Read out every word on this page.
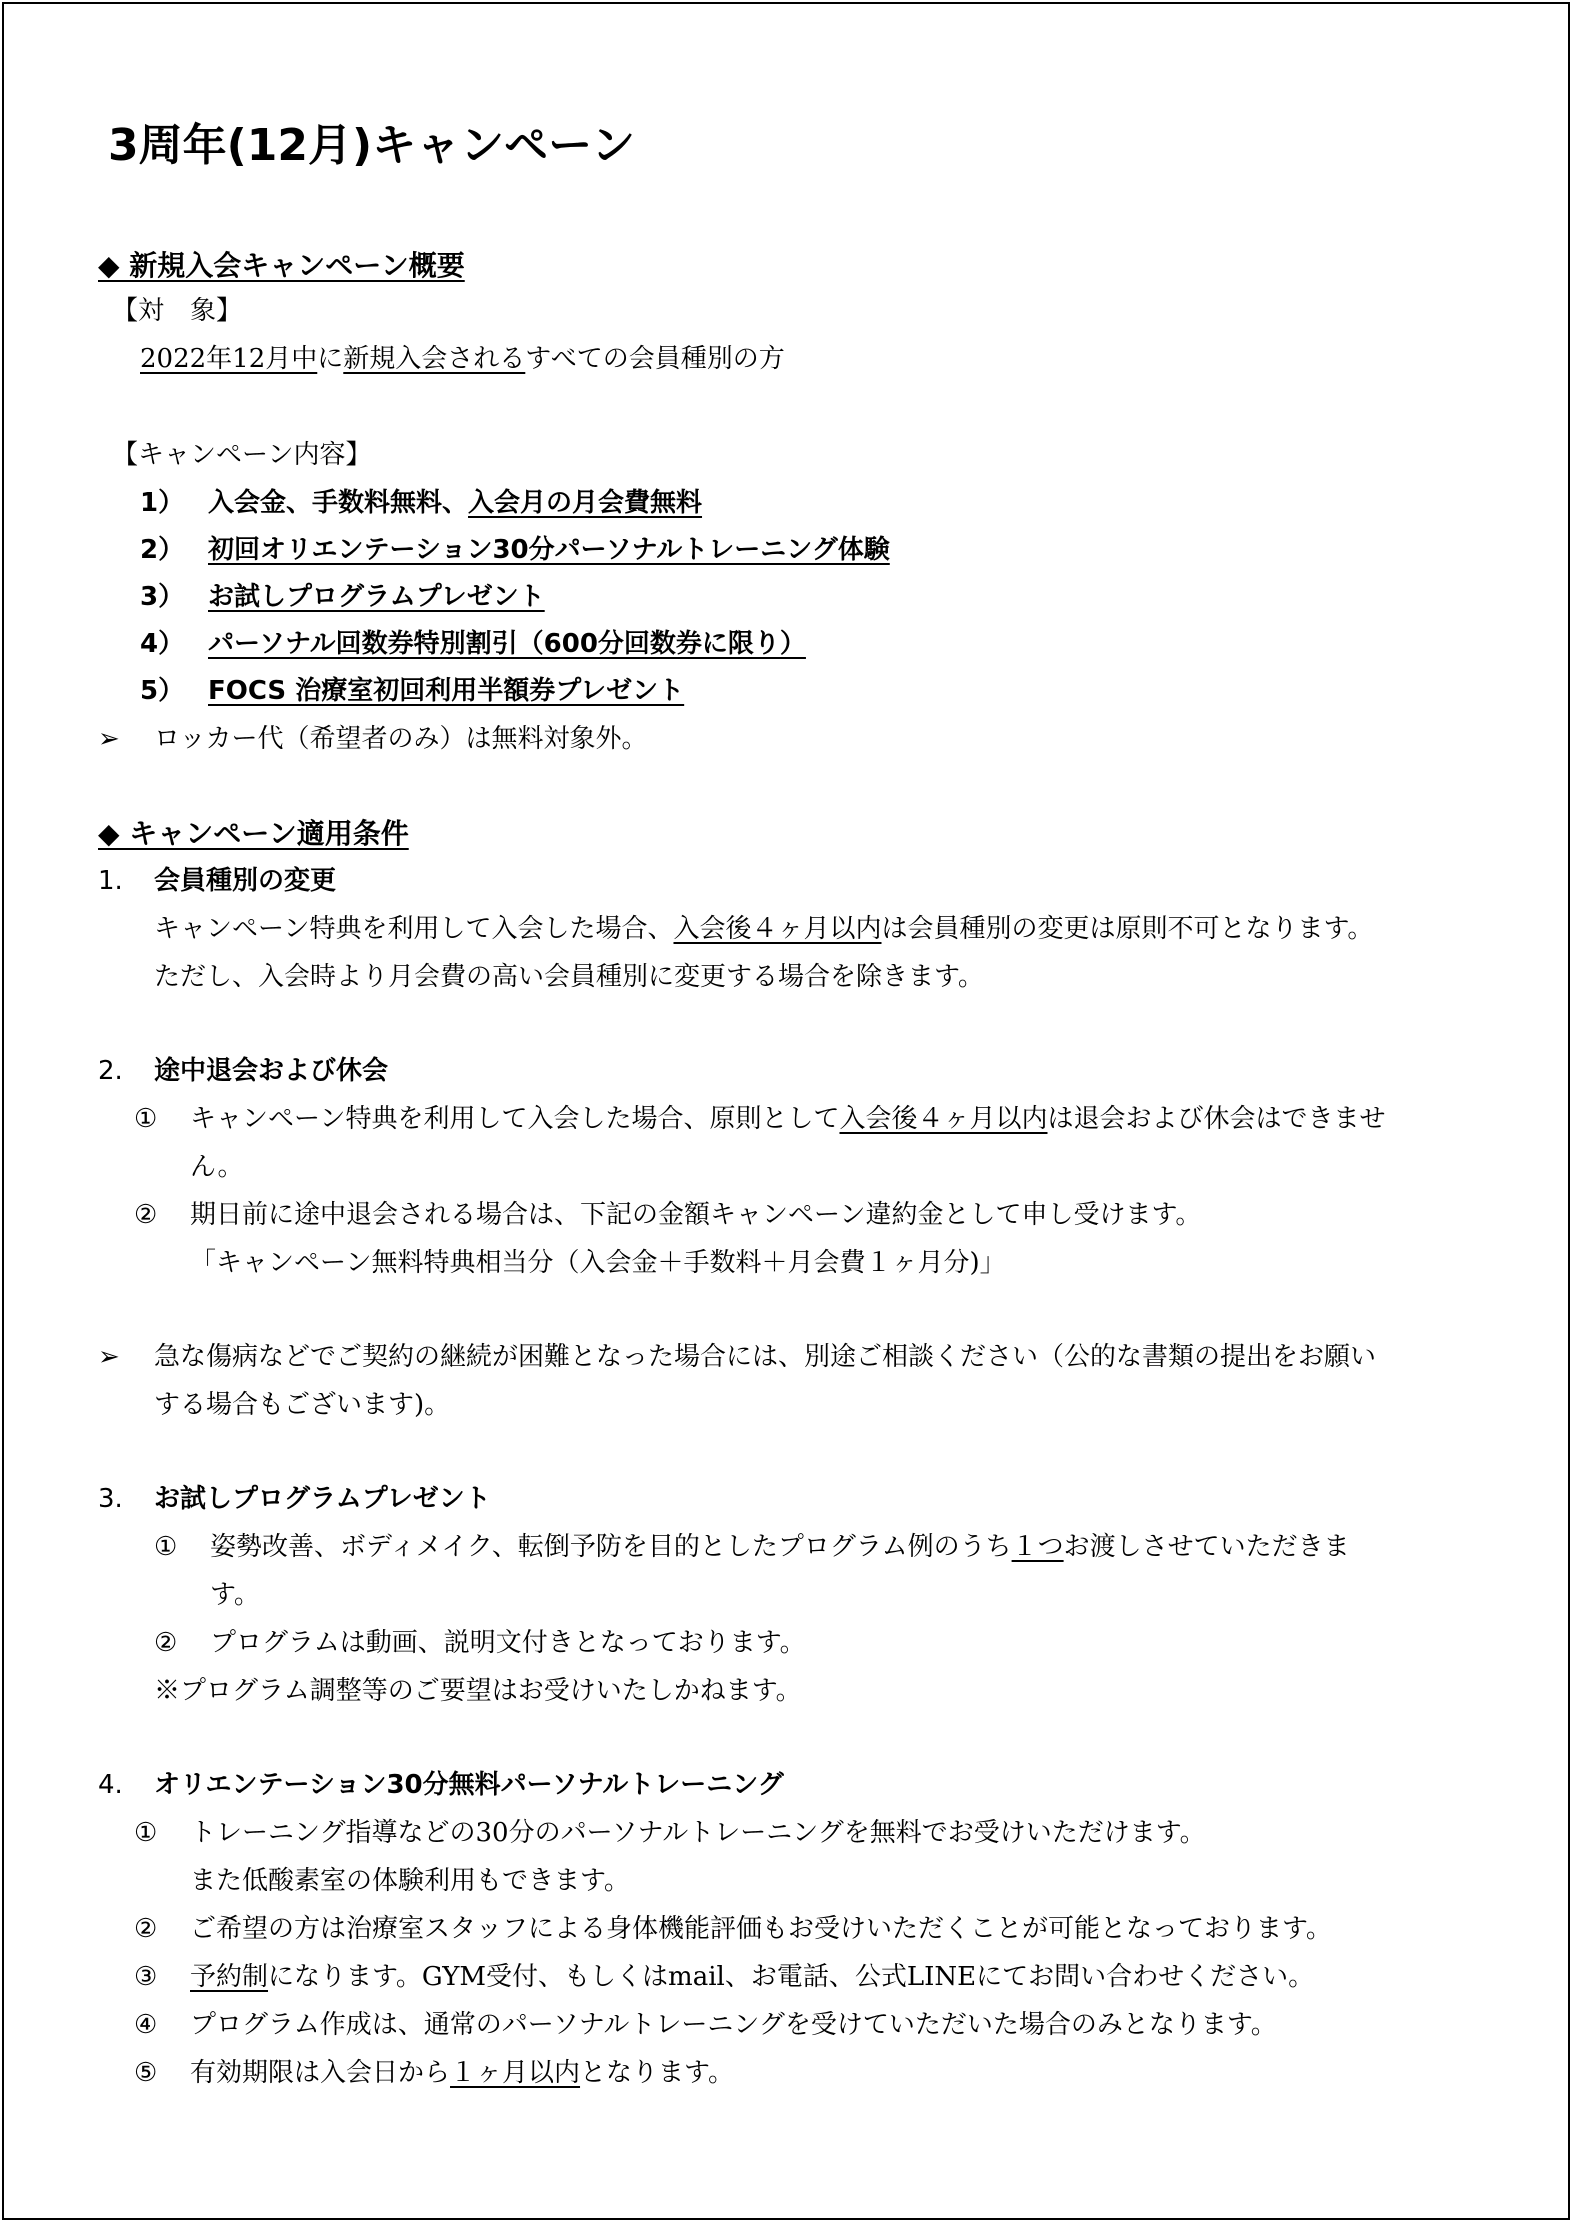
3周年(12月)キャンペーン
◆ 新規入会キャンペーン概要
【対　象】
2022年12月中に新規入会されるすべての会員種別の方
【キャンペーン内容】
1） 入会金、手数料無料、入会月の月会費無料
2） 初回オリエンテーション30分パーソナルトレーニング体験
3） お試しプログラムプレゼント
4） パーソナル回数券特別割引（600分回数券に限り）
5） FOCS 治療室初回利用半額券プレゼント
➢ ロッカー代（希望者のみ）は無料対象外。
◆ キャンペーン適用条件
1. 会員種別の変更
キャンペーン特典を利用して入会した場合、入会後４ヶ月以内は会員種別の変更は原則不可となります。
ただし、入会時より月会費の高い会員種別に変更する場合を除きます。
2. 途中退会および休会
① キャンペーン特典を利用して入会した場合、原則として入会後４ヶ月以内は退会および休会はできませ
ん。
② 期日前に途中退会される場合は、下記の金額キャンペーン違約金として申し受けます。
「キャンペーン無料特典相当分（入会金＋手数料＋月会費１ヶ月分)」
➢ 急な傷病などでご契約の継続が困難となった場合には、別途ご相談ください（公的な書類の提出をお願い
する場合もございます)。
3. お試しプログラムプレゼント
① 姿勢改善、ボディメイク、転倒予防を目的としたプログラム例のうち１つお渡しさせていただきま
す。
② プログラムは動画、説明文付きとなっております。
※プログラム調整等のご要望はお受けいたしかねます。
4. オリエンテーション30分無料パーソナルトレーニング
① トレーニング指導などの30分のパーソナルトレーニングを無料でお受けいただけます。
また低酸素室の体験利用もできます。
② ご希望の方は治療室スタッフによる身体機能評価もお受けいただくことが可能となっております。
③ 予約制になります。GYM受付、もしくはmail、お電話、公式LINEにてお問い合わせください。
④ プログラム作成は、通常のパーソナルトレーニングを受けていただいた場合のみとなります。
⑤ 有効期限は入会日から１ヶ月以内となります。
